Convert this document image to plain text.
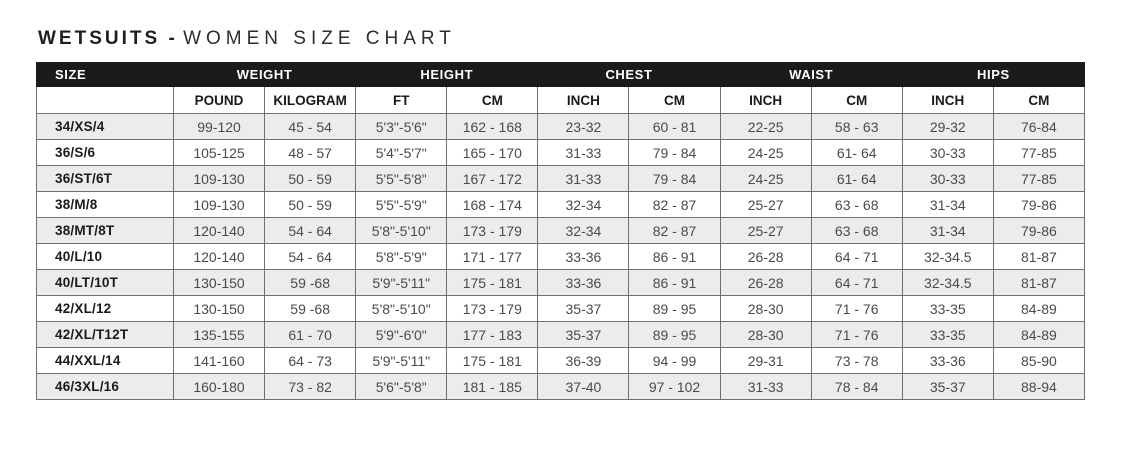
WETSUITS - WOMEN SIZE CHART
SIZE	WEIGHT		HEIGHT		CHEST		WAIST		HIPS	
	POUND	KILOGRAM	FT	CM	INCH	CM	INCH	CM	INCH	CM
34/XS/4	99-120	45 - 54	5'3"-5'6"	162 - 168	23-32	60 - 81	22-25	58 - 63	29-32	76-84
36/S/6	105-125	48 - 57	5'4"-5'7"	165 - 170	31-33	79 - 84	24-25	61- 64	30-33	77-85
36/ST/6T	109-130	50 - 59	5'5"-5'8"	167 - 172	31-33	79 - 84	24-25	61- 64	30-33	77-85
38/M/8	109-130	50 - 59	5'5"-5'9"	168 - 174	32-34	82 - 87	25-27	63 - 68	31-34	79-86
38/MT/8T	120-140	54 - 64	5'8"-5'10"	173 - 179	32-34	82 - 87	25-27	63 - 68	31-34	79-86
40/L/10	120-140	54 - 64	5'8"-5'9"	171 - 177	33-36	86 - 91	26-28	64 - 71	32-34.5	81-87
40/LT/10T	130-150	59 -68	5'9"-5'11"	175 - 181	33-36	86 - 91	26-28	64 - 71	32-34.5	81-87
42/XL/12	130-150	59 -68	5'8"-5'10"	173 - 179	35-37	89 - 95	28-30	71 - 76	33-35	84-89
42/XL/T12T	135-155	61 - 70	5'9"-6'0"	177 - 183	35-37	89 - 95	28-30	71 - 76	33-35	84-89
44/XXL/14	141-160	64 - 73	5'9"-5'11"	175 - 181	36-39	94 - 99	29-31	73 - 78	33-36	85-90
46/3XL/16	160-180	73 - 82	5'6"-5'8"	181 - 185	37-40	97 - 102	31-33	78 - 84	35-37	88-94
